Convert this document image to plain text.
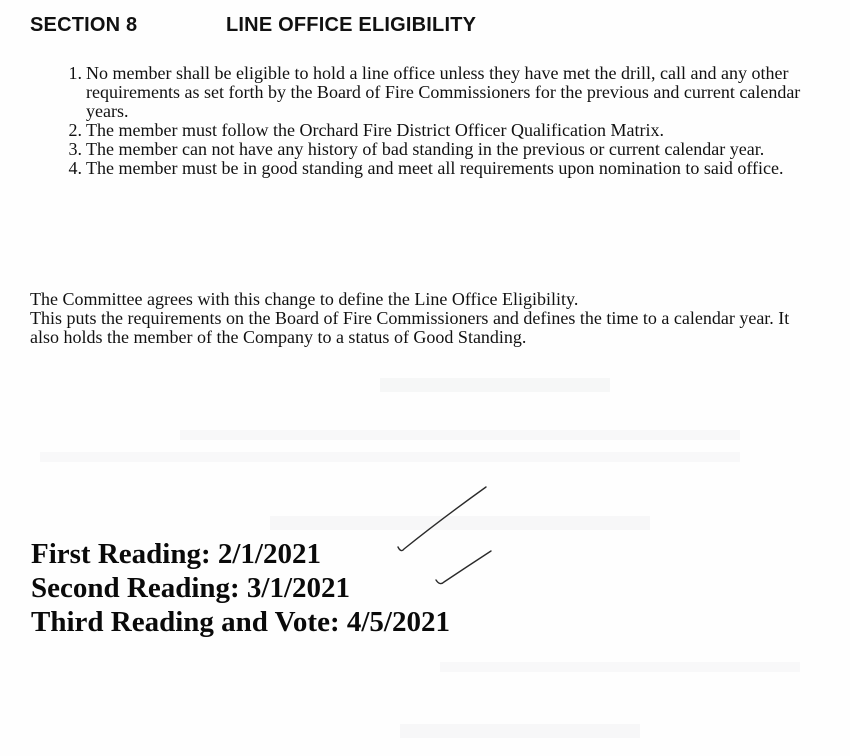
SECTION 8	LINE OFFICE ELIGIBILITY
1. No member shall be eligible to hold a line office unless they have met the drill, call and any other requirements as set forth by the Board of Fire Commissioners for the previous and current calendar years.
2. The member must follow the Orchard Fire District Officer Qualification Matrix.
3. The member can not have any history of bad standing in the previous or current calendar year.
4. The member must be in good standing and meet all requirements upon nomination to said office.

The Committee agrees with this change to define the Line Office Eligibility.

This puts the requirements on the Board of Fire Commissioners and defines the time to a calendar year. It also holds the member of the Company to a status of Good Standing.

First Reading: 2/1/2021
Second Reading: 3/1/2021
Third Reading and Vote: 4/5/2021
